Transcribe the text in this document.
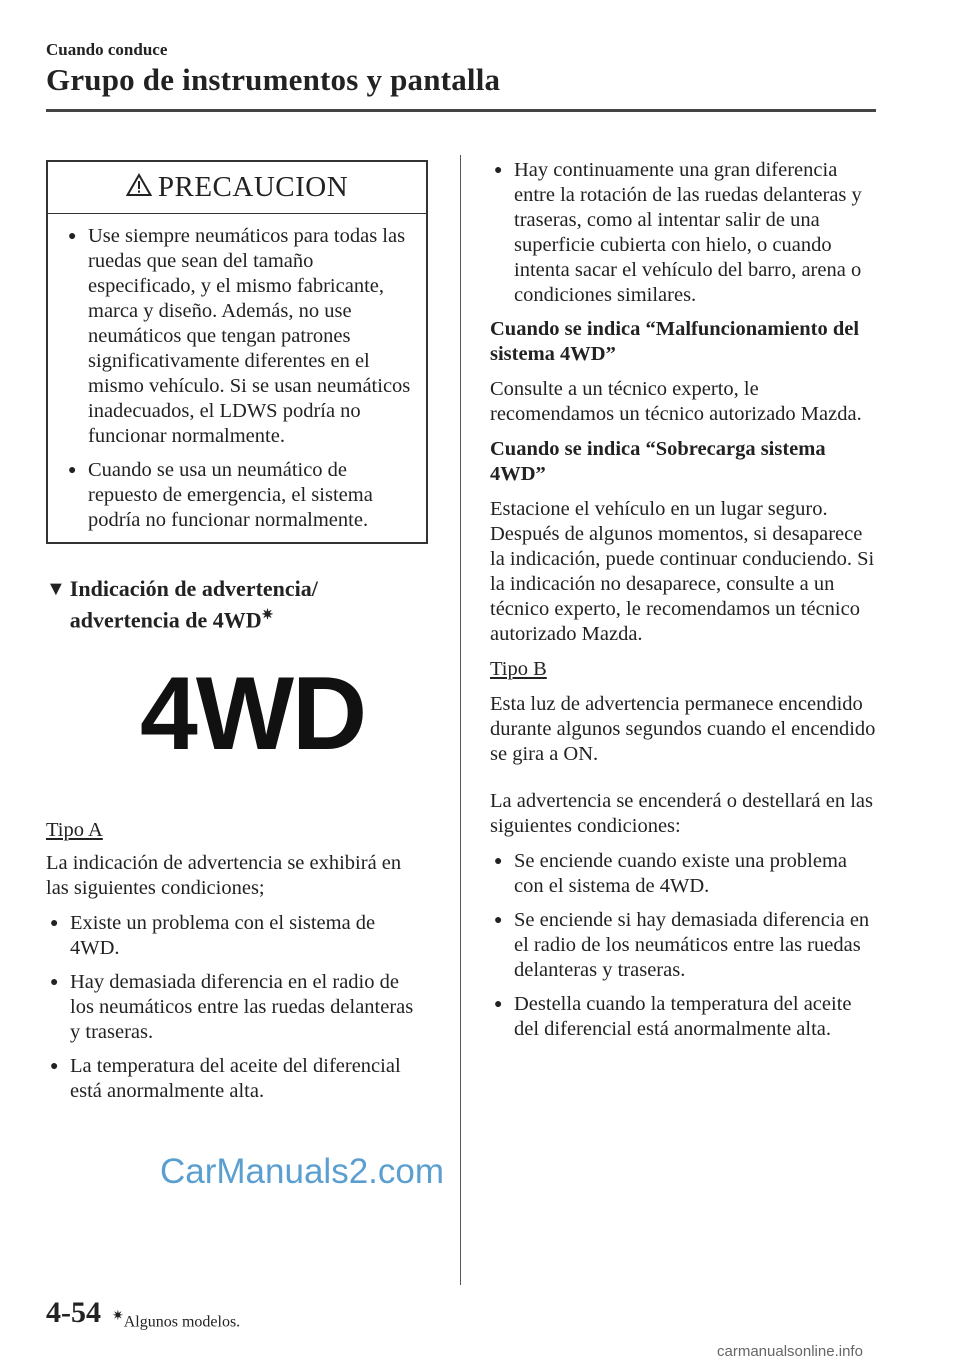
Cuando conduce
Grupo de instrumentos y pantalla
PRECAUCION
● Use siempre neumáticos para todas las ruedas que sean del tamaño especificado, y el mismo fabricante, marca y diseño. Además, no use neumáticos que tengan patrones significativamente diferentes en el mismo vehículo. Si se usan neumáticos inadecuados, el LDWS podría no funcionar normalmente.
● Cuando se usa un neumático de repuesto de emergencia, el sistema podría no funcionar normalmente.
▼ Indicación de advertencia/
advertencia de 4WD✷
4WD
Tipo A
La indicación de advertencia se exhibirá en las siguientes condiciones;
● Existe un problema con el sistema de 4WD.
● Hay demasiada diferencia en el radio de los neumáticos entre las ruedas delanteras y traseras.
● La temperatura del aceite del diferencial está anormalmente alta.
● Hay continuamente una gran diferencia entre la rotación de las ruedas delanteras y traseras, como al intentar salir de una superficie cubierta con hielo, o cuando intenta sacar el vehículo del barro, arena o condiciones similares.
Cuando se indica “Malfuncionamiento del sistema 4WD”
Consulte a un técnico experto, le recomendamos un técnico autorizado Mazda.
Cuando se indica “Sobrecarga sistema 4WD”
Estacione el vehículo en un lugar seguro. Después de algunos momentos, si desaparece la indicación, puede continuar conduciendo. Si la indicación no desaparece, consulte a un técnico experto, le recomendamos un técnico autorizado Mazda.
Tipo B
Esta luz de advertencia permanece encendido durante algunos segundos cuando el encendido se gira a ON.
La advertencia se encenderá o destellará en las siguientes condiciones:
● Se enciende cuando existe una problema con el sistema de 4WD.
● Se enciende si hay demasiada diferencia en el radio de los neumáticos entre las ruedas delanteras y traseras.
● Destella cuando la temperatura del aceite del diferencial está anormalmente alta.
CarManuals2.com
4-54 ✷Algunos modelos.
carmanualsonline.info
